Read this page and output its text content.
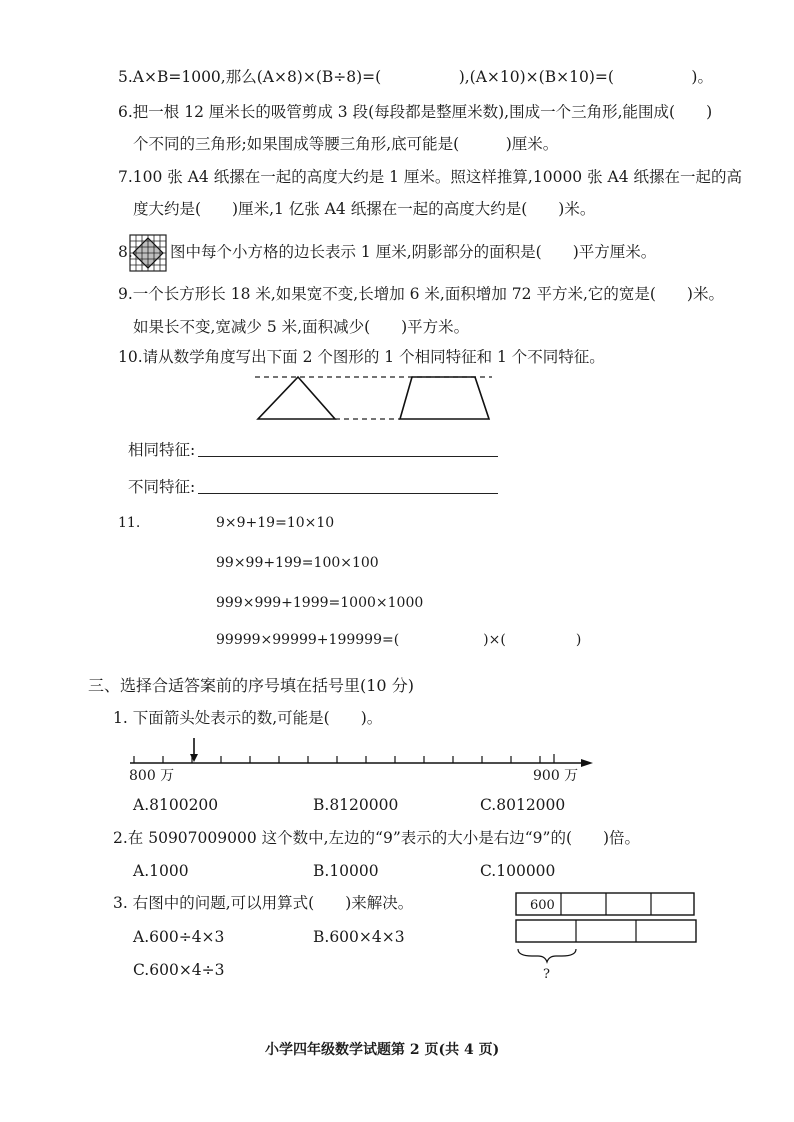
5.A×B=1000,那么(A×8)×(B÷8)=(　　　　　),(A×10)×(B×10)=(　　　　　)。
6.把一根 12 厘米长的吸管剪成 3 段(每段都是整厘米数),围成一个三角形,能围成(　　)
个不同的三角形;如果围成等腰三角形,底可能是(　　　)厘米。
7.100 张 A4 纸摞在一起的高度大约是 1 厘米。照这样推算,10000 张 A4 纸摞在一起的高
度大约是(　　)厘米,1 亿张 A4 纸摞在一起的高度大约是(　　)米。
8. 图中每个小方格的边长表示 1 厘米,阴影部分的面积是(　　)平方厘米。
9.一个长方形长 18 米,如果宽不变,长增加 6 米,面积增加 72 平方米,它的宽是(　　)米。
如果长不变,宽减少 5 米,面积减少(　　)平方米。
10.请从数学角度写出下面 2 个图形的 1 个相同特征和 1 个不同特征。
相同特征:
不同特征:
11.	9×9+19=10×10
99×99+199=100×100
999×999+1999=1000×1000
99999×99999+199999=(　　　　　　)×(　　　　　)
三、选择合适答案前的序号填在括号里(10 分)
1. 下面箭头处表示的数,可能是(　　)。
800 万	900 万
A.8100200	B.8120000	C.8012000
2.在 50907009000 这个数中,左边的“9”表示的大小是右边“9”的(　　)倍。
A.1000	B.10000	C.100000
3. 右图中的问题,可以用算式(　　)来解决。
A.600÷4×3	B.600×4×3
C.600×4÷3
600
?
小学四年级数学试题第 2 页(共 4 页)
